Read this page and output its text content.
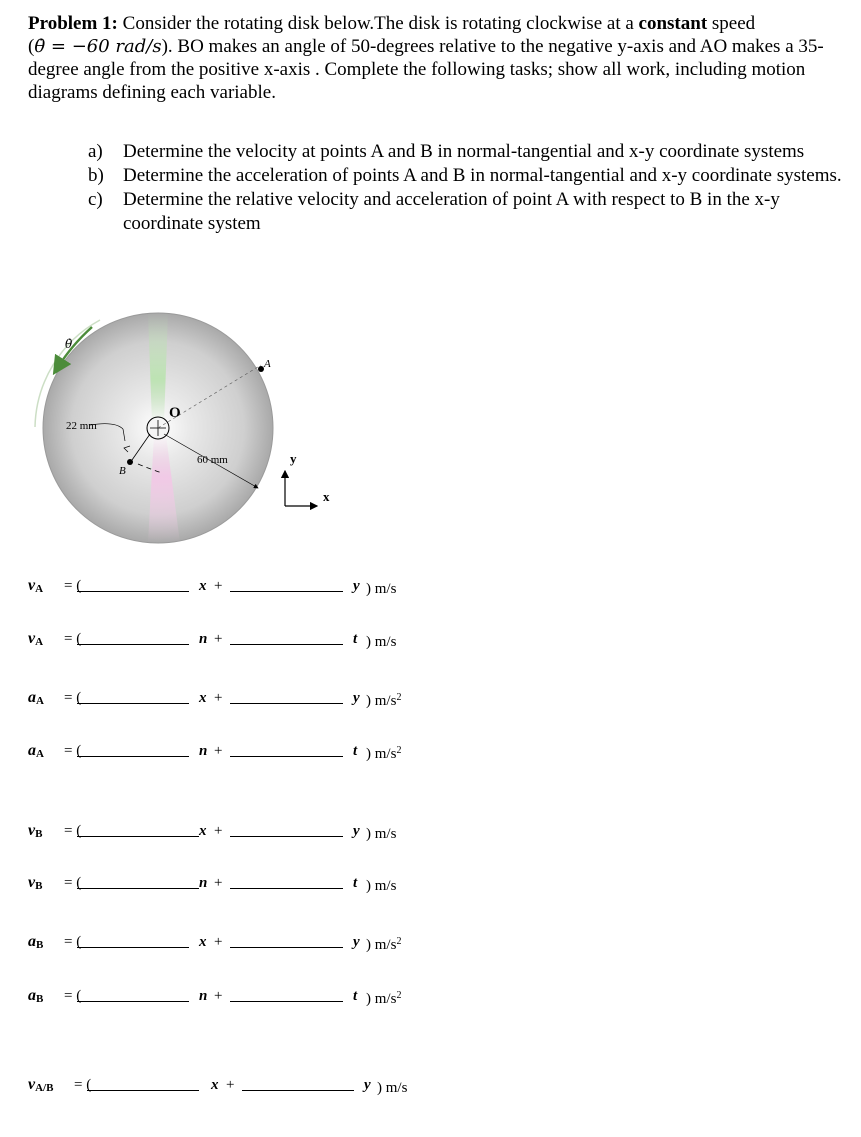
Problem 1: Consider the rotating disk below.The disk is rotating clockwise at a constant speed
(θ̇ = −60 rad/s). BO makes an angle of 50-degrees relative to the negative y-axis and AO makes a 35-degree angle from the positive x-axis . Complete the following tasks; show all work, including motion diagrams defining each variable.
a)	Determine the velocity at points A and B in normal-tangential and x-y coordinate systems
b)	Determine the acceleration of points A and B in normal-tangential and x-y coordinate systems.
c)	Determine the relative velocity and acceleration of point A with respect to B in the x-y coordinate system
θ̇
O
A
22 mm
B
60 mm	y
x
$v_A$ = (	x +	y ) m/s
$v_A$ = (	n +	t ) m/s
$a_A$ = (	x +	y ) $m/s^2$
$a_A$ = (	n +	t ) $m/s^2$
$v_B$ = (	x +	y ) m/s
$v_B$ = (	n +	t ) m/s
$a_B$ = (	x +	y ) $m/s^2$
$a_B$ = (	n +	t ) $m/s^2$
$v_{A/B}$ = (	x +	y ) m/s
